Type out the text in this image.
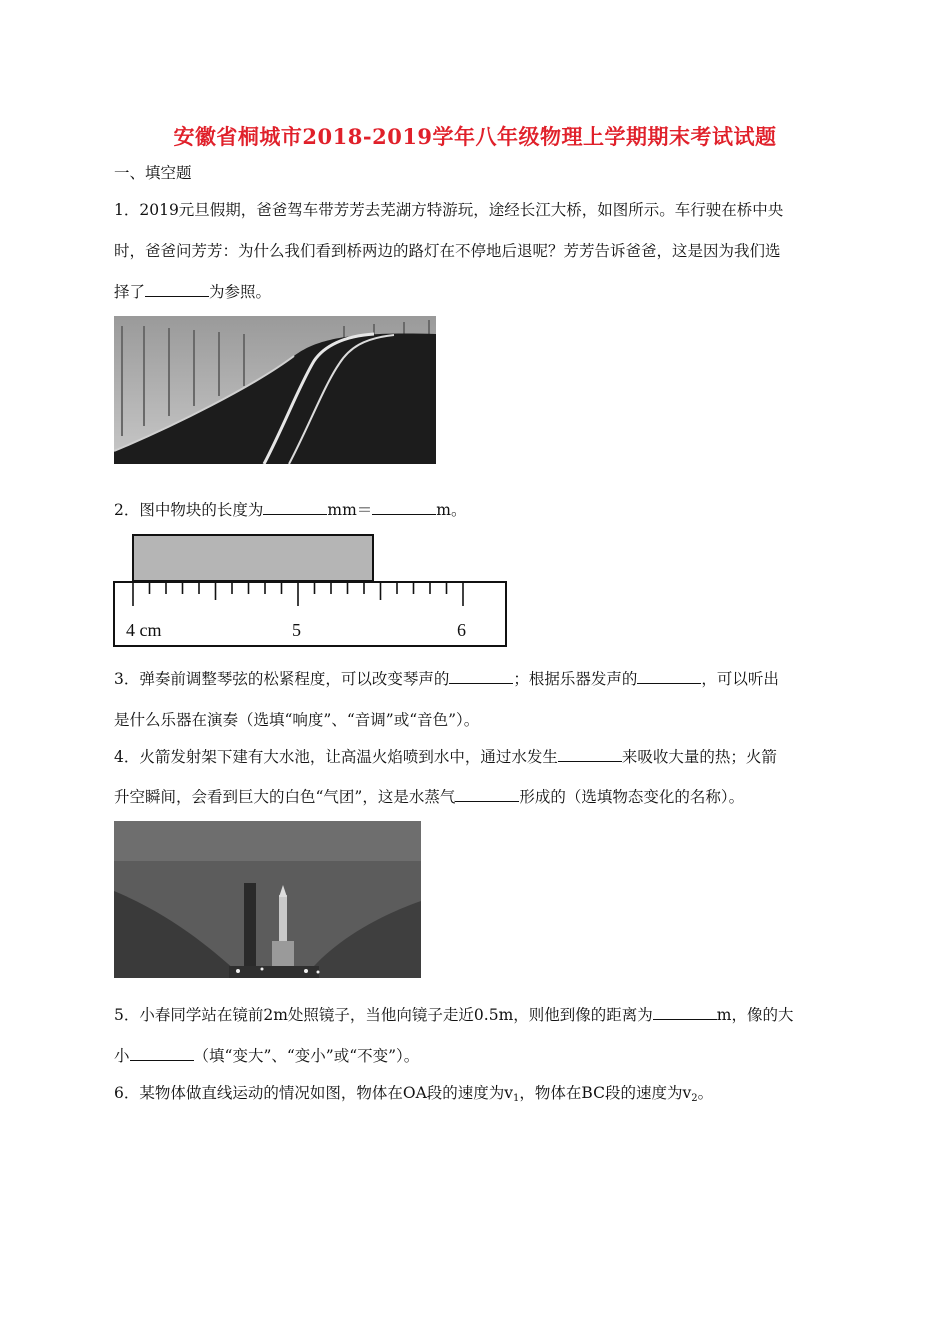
安徽省桐城市2018-2019学年八年级物理上学期期末考试试题
一、填空题
1．2019元旦假期，爸爸驾车带芳芳去芜湖方特游玩，途经长江大桥，如图所示。车行驶在桥中央
时，爸爸问芳芳：为什么我们看到桥两边的路灯在不停地后退呢？芳芳告诉爸爸，这是因为我们选
择了	为参照。
2．图中物块的长度为	mm＝	m。
4 cm	5	6
3．弹奏前调整琴弦的松紧程度，可以改变琴声的	；根据乐器发声的	，可以听出
是什么乐器在演奏（选填“响度”、“音调”或“音色”）。
4．火箭发射架下建有大水池，让高温火焰喷到水中，通过水发生	来吸收大量的热；火箭
升空瞬间，会看到巨大的白色“气团”，这是水蒸气	形成的（选填物态变化的名称）。
5．小春同学站在镜前2m处照镜子，当他向镜子走近0.5m，则他到像的距离为	m，像的大
小	（填“变大”、“变小”或“不变”）。
6．某物体做直线运动的情况如图，物体在OA段的速度为$v_1$，物体在BC段的速度为$v_2$。
